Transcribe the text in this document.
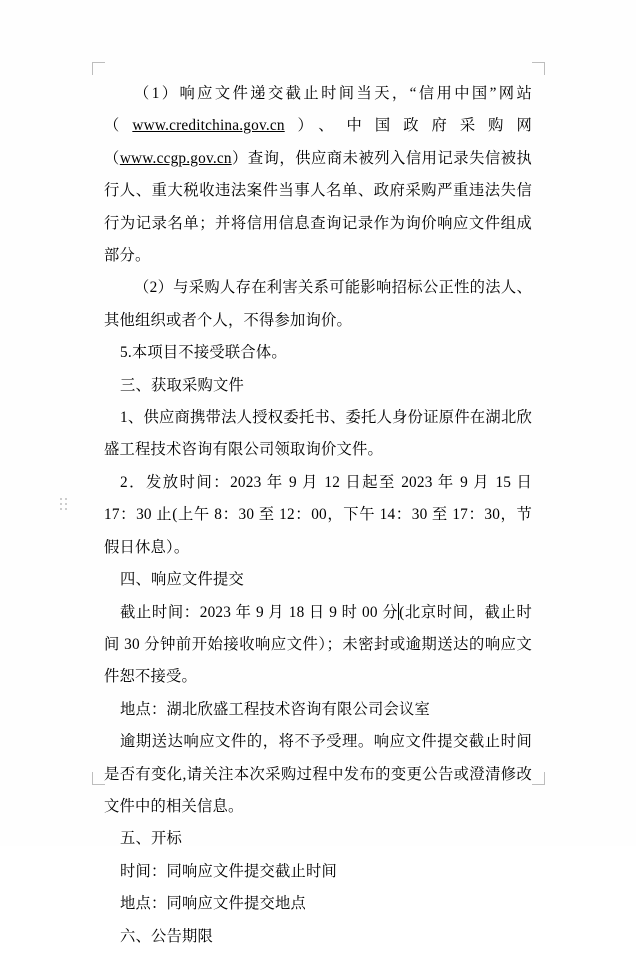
（1）响应文件递交截止时间当天，“信用中国”网站（www.creditchina.gov.cn）、中国政府采购网（www.ccgp.gov.cn）查询，供应商未被列入信用记录失信被执行人、重大税收违法案件当事人名单、政府采购严重违法失信行为记录名单；并将信用信息查询记录作为询价响应文件组成部分。

（2）与采购人存在利害关系可能影响招标公正性的法人、其他组织或者个人，不得参加询价。

5.本项目不接受联合体。

三、获取采购文件

1、供应商携带法人授权委托书、委托人身份证原件在湖北欣盛工程技术咨询有限公司领取询价文件。

2．发放时间：2023 年 9 月 12 日起至 2023 年 9 月 15 日 17：30 止(上午 8：30 至 12：00，下午 14：30 至 17：30，节假日休息）。

四、响应文件提交

截止时间：2023 年 9 月 18 日 9 时 00 分(北京时间，截止时间 30 分钟前开始接收响应文件）；未密封或逾期送达的响应文件恕不接受。

地点：湖北欣盛工程技术咨询有限公司会议室

逾期送达响应文件的，将不予受理。响应文件提交截止时间是否有变化,请关注本次采购过程中发布的变更公告或澄清修改文件中的相关信息。

五、开标

时间：同响应文件提交截止时间

地点：同响应文件提交地点

六、公告期限
